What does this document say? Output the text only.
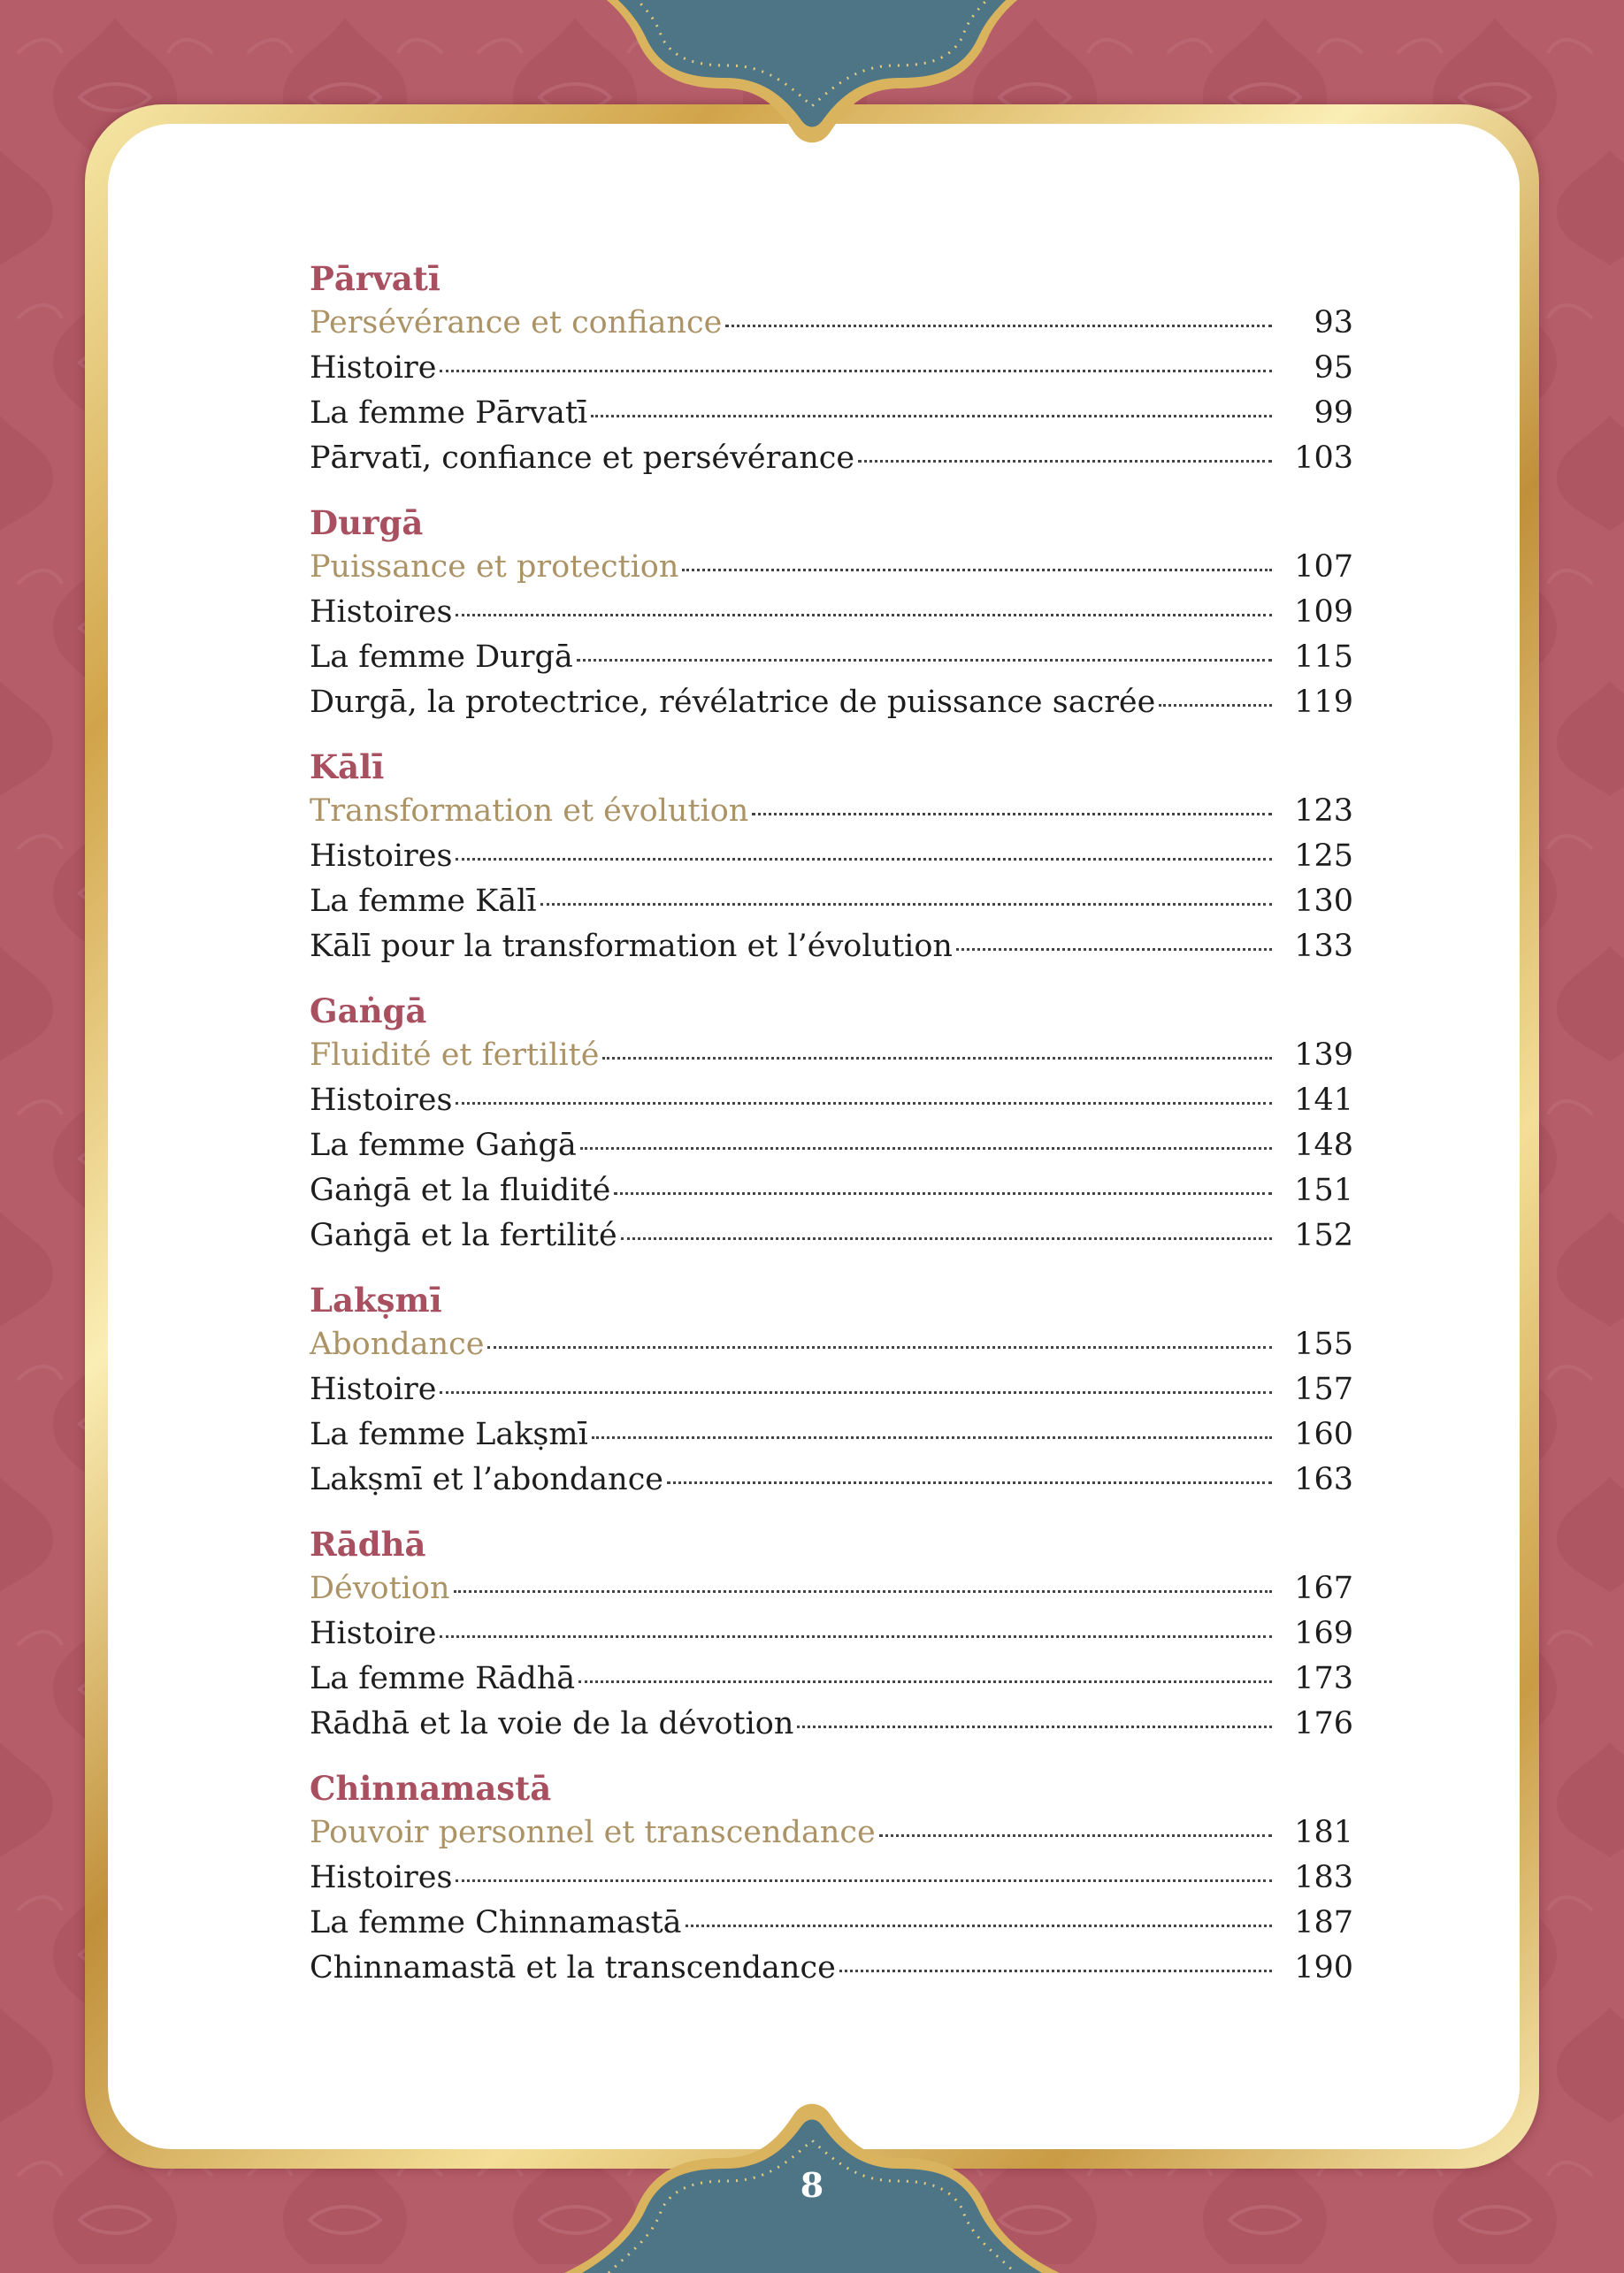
8
Pārvatī
Persévérance et confiance	93
Histoire	95
La femme Pārvatī	99
Pārvatī, confiance et persévérance	103
Durgā
Puissance et protection	107
Histoires	109
La femme Durgā	115
Durgā, la protectrice, révélatrice de puissance sacrée	119
Kālī
Transformation et évolution	123
Histoires	125
La femme Kālī	130
Kālī pour la transformation et l’évolution	133
Gaṅgā
Fluidité et fertilité	139
Histoires	141
La femme Gaṅgā	148
Gaṅgā et la fluidité	151
Gaṅgā et la fertilité	152
Lakṣmī
Abondance	155
Histoire	157
La femme Lakṣmī	160
Lakṣmī et l’abondance	163
Rādhā
Dévotion	167
Histoire	169
La femme Rādhā	173
Rādhā et la voie de la dévotion	176
Chinnamastā
Pouvoir personnel et transcendance	181
Histoires	183
La femme Chinnamastā	187
Chinnamastā et la transcendance	190
